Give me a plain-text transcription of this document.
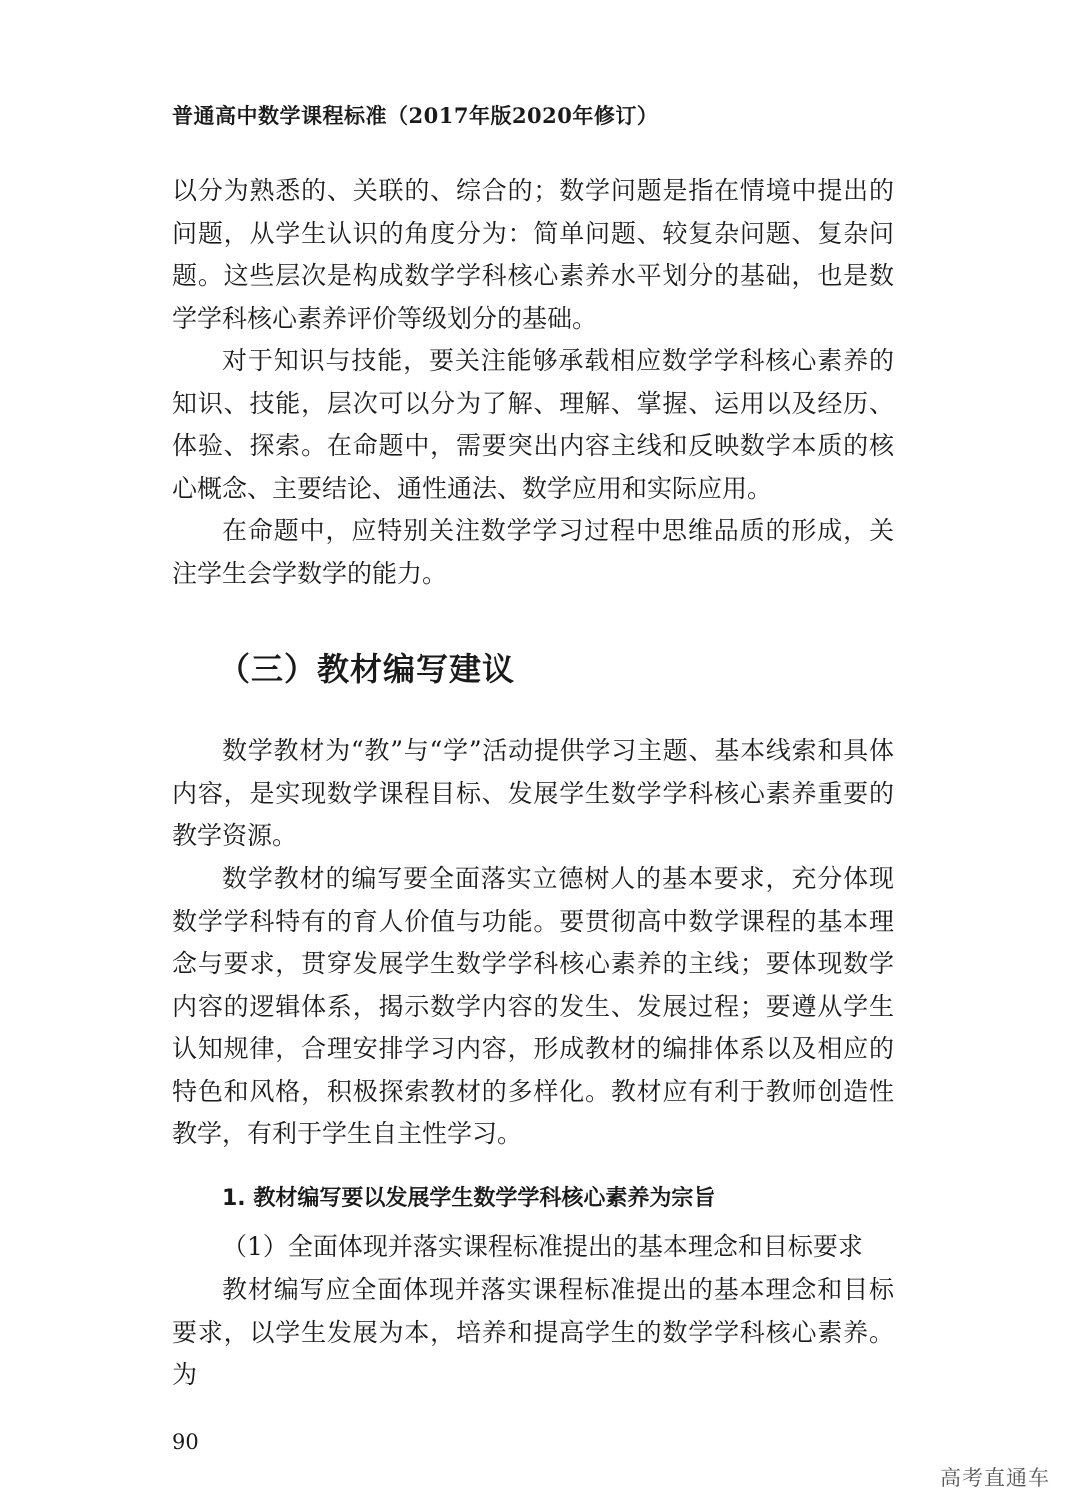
普通高中数学课程标准（2017年版2020年修订）

以分为熟悉的、关联的、综合的；数学问题是指在情境中提出的问题，从学生认识的角度分为：简单问题、较复杂问题、复杂问题。这些层次是构成数学学科核心素养水平划分的基础，也是数学学科核心素养评价等级划分的基础。

对于知识与技能，要关注能够承载相应数学学科核心素养的知识、技能，层次可以分为了解、理解、掌握、运用以及经历、体验、探索。在命题中，需要突出内容主线和反映数学本质的核心概念、主要结论、通性通法、数学应用和实际应用。

在命题中，应特别关注数学学习过程中思维品质的形成，关注学生会学数学的能力。

（三）教材编写建议

数学教材为“教”与“学”活动提供学习主题、基本线索和具体内容，是实现数学课程目标、发展学生数学学科核心素养重要的教学资源。

数学教材的编写要全面落实立德树人的基本要求，充分体现数学学科特有的育人价值与功能。要贯彻高中数学课程的基本理念与要求，贯穿发展学生数学学科核心素养的主线；要体现数学内容的逻辑体系，揭示数学内容的发生、发展过程；要遵从学生认知规律，合理安排学习内容，形成教材的编排体系以及相应的特色和风格，积极探索教材的多样化。教材应有利于教师创造性教学，有利于学生自主性学习。

1. 教材编写要以发展学生数学学科核心素养为宗旨
（1）全面体现并落实课程标准提出的基本理念和目标要求

教材编写应全面体现并落实课程标准提出的基本理念和目标要求，以学生发展为本，培养和提高学生的数学学科核心素养。为

90
高考直通车
